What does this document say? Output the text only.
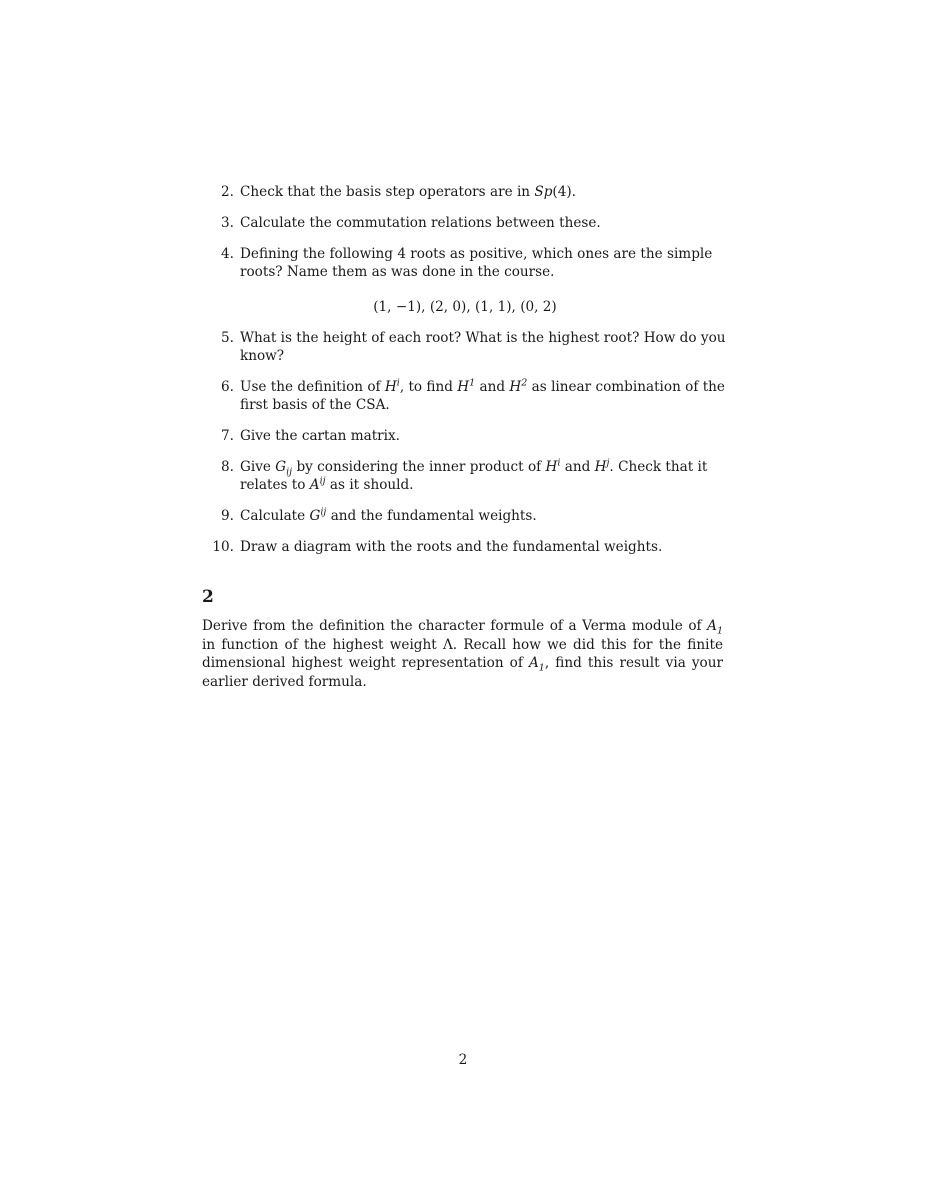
2. Check that the basis step operators are in Sp(4).
3. Calculate the commutation relations between these.
4. Defining the following 4 roots as positive, which ones are the simple roots? Name them as was done in the course.
(1, −1), (2, 0), (1, 1), (0, 2)
5. What is the height of each root? What is the highest root? How do you know?
6. Use the definition of $H^i$, to find $H^1$ and $H^2$ as linear combination of the first basis of the CSA.
7. Give the cartan matrix.
8. Give $G_{ij}$ by considering the inner product of $H^i$ and $H^j$. Check that it relates to $A^{ij}$ as it should.
9. Calculate $G^{ij}$ and the fundamental weights.
10. Draw a diagram with the roots and the fundamental weights.
2

Derive from the definition the character formule of a Verma module of $A_1$ in function of the highest weight Λ. Recall how we did this for the finite dimensional highest weight representation of $A_1$, find this result via your earlier derived formula.

2
